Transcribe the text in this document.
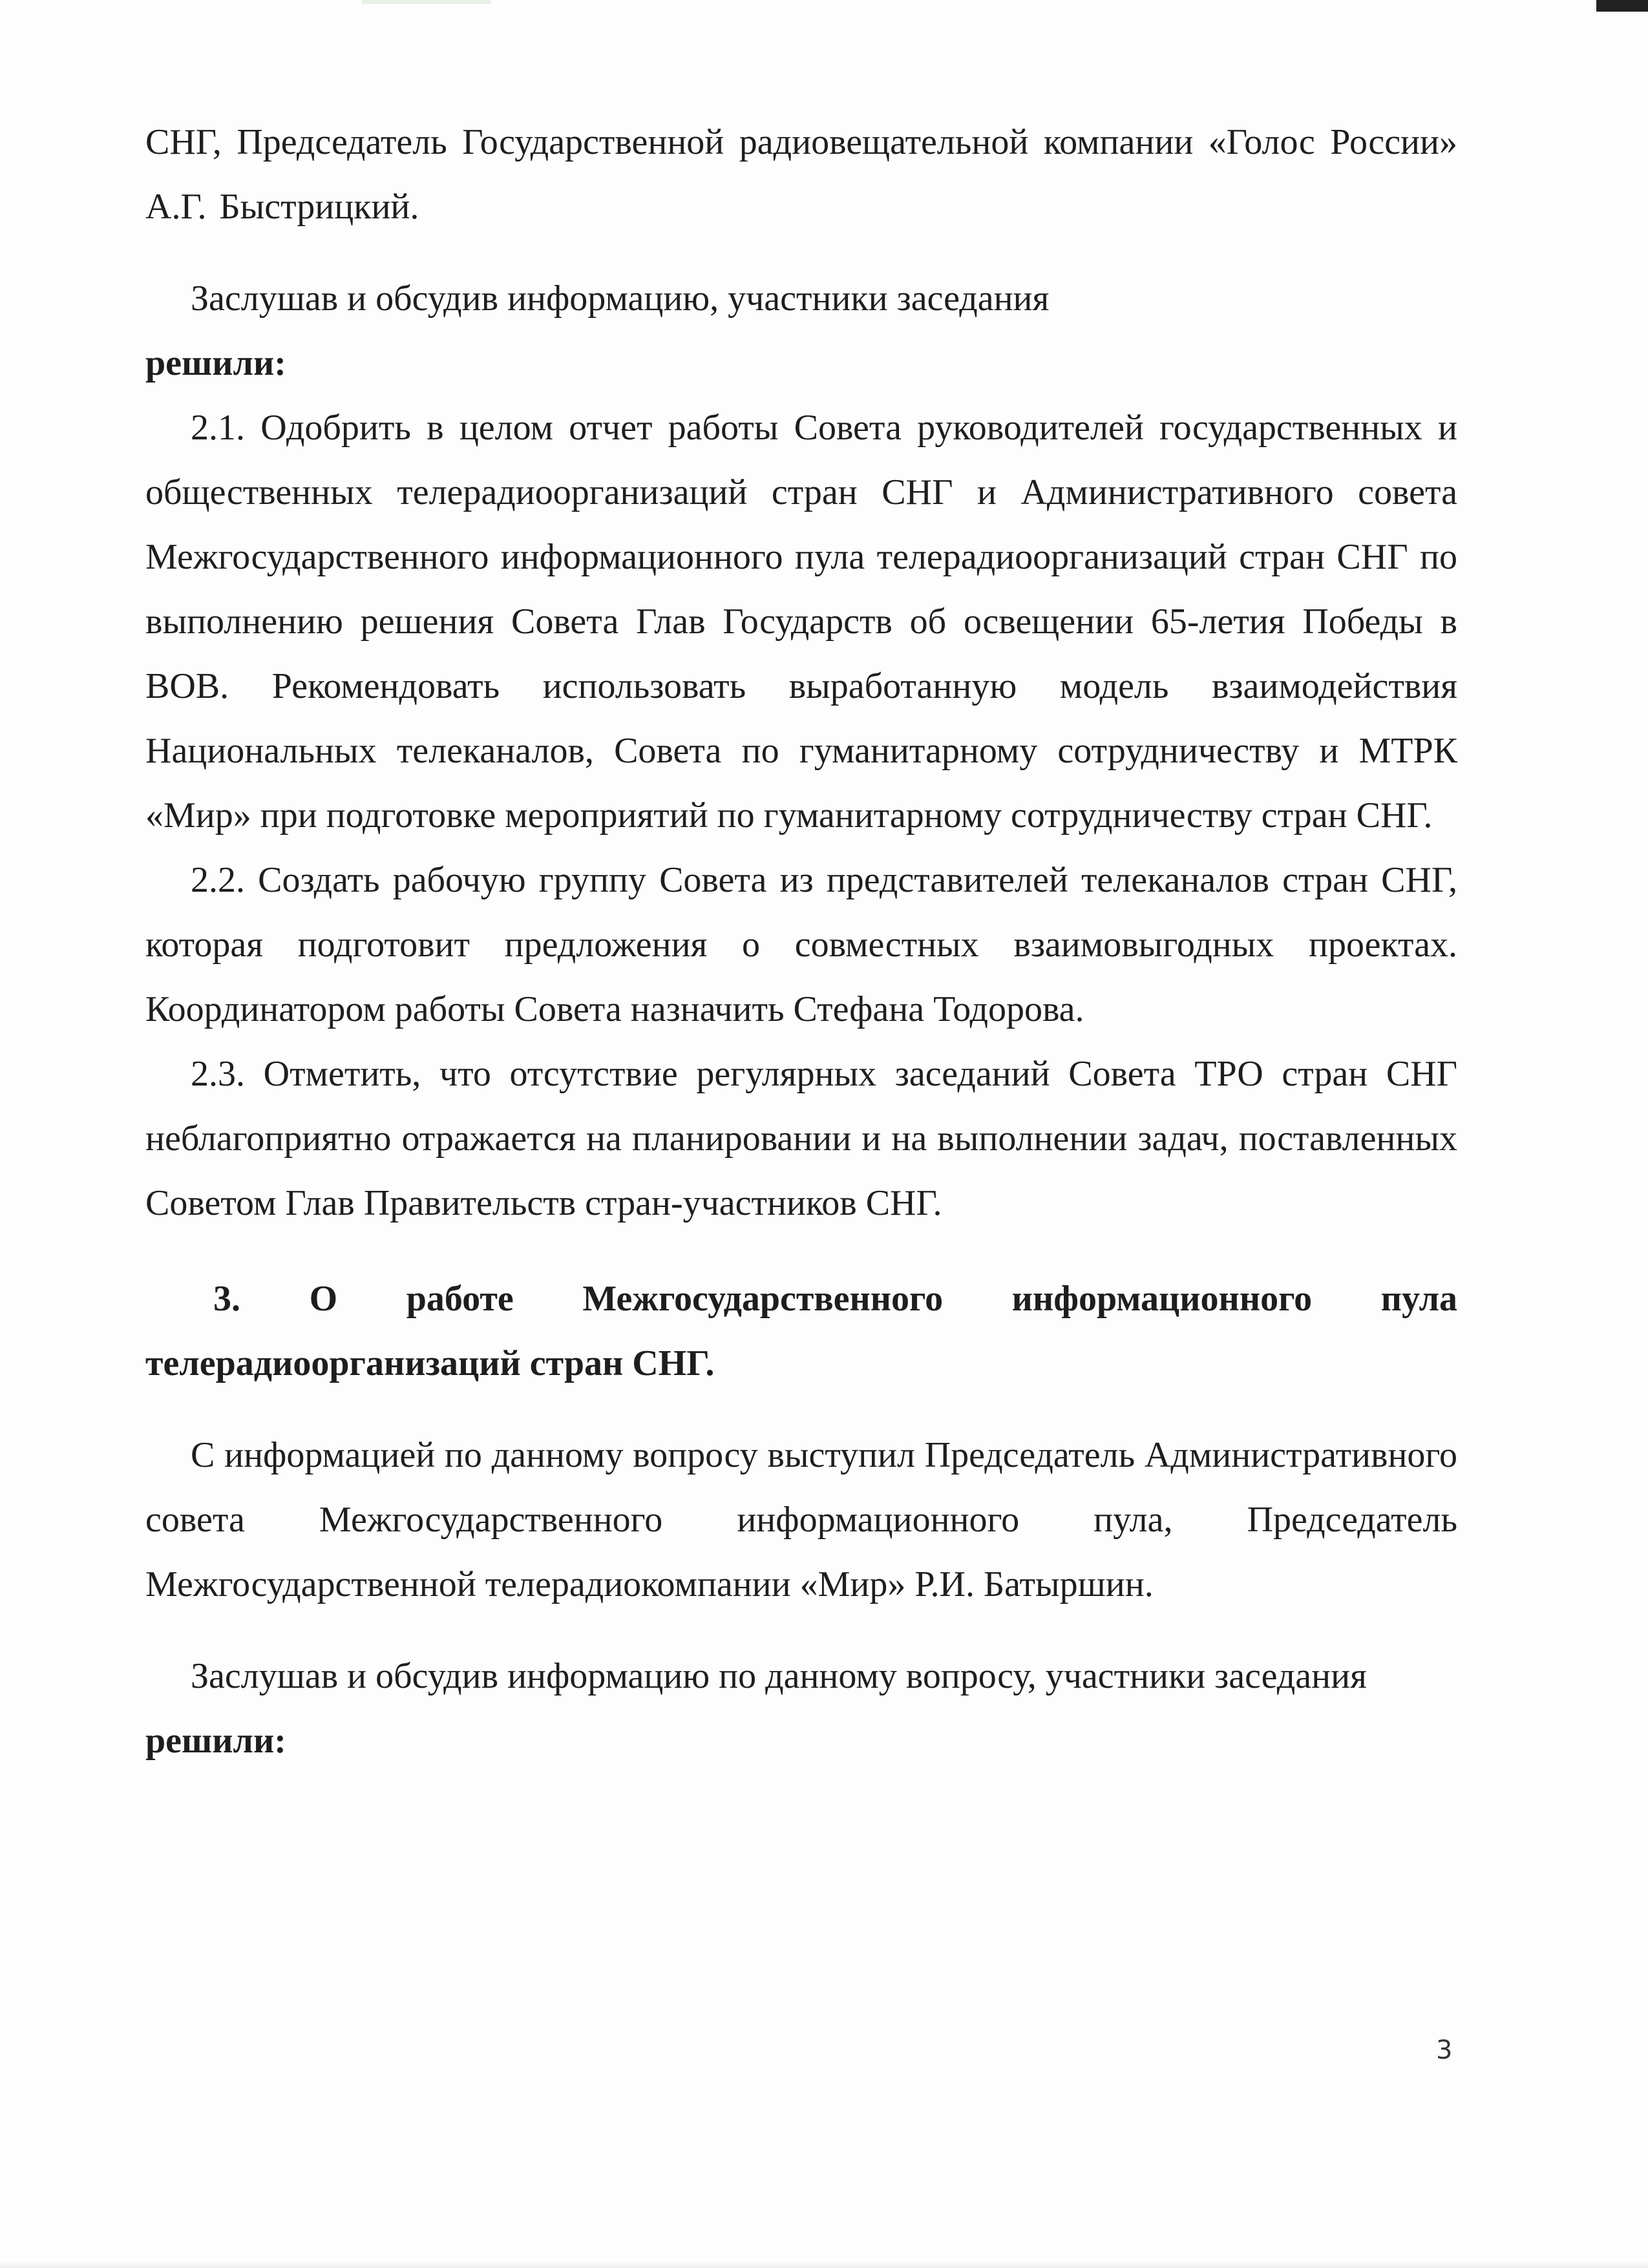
СНГ, Председатель Государственной радиовещательной компании «Голос России» А.Г. Быстрицкий.

Заслушав и обсудив информацию, участники заседания

решили:

2.1. Одобрить в целом отчет работы Совета руководителей государственных и общественных телерадиоорганизаций стран СНГ и Административного совета Межгосударственного информационного пула телерадиоорганизаций стран СНГ по выполнению решения Совета Глав Государств об освещении 65-летия Победы в ВОВ. Рекомендовать использовать выработанную модель взаимодействия Национальных телеканалов, Совета по гуманитарному сотрудничеству и МТРК «Мир» при подготовке мероприятий по гуманитарному сотрудничеству стран СНГ.

2.2. Создать рабочую группу Совета из представителей телеканалов стран СНГ, которая подготовит предложения о совместных взаимовыгодных проектах. Координатором работы Совета назначить Стефана Тодорова.

2.3. Отметить, что отсутствие регулярных заседаний Совета ТРО стран СНГ неблагоприятно отражается на планировании и на выполнении задач, поставленных Советом Глав Правительств стран-участников СНГ.

3. О работе Межгосударственного информационного пула телерадиоорганизаций стран СНГ.

С информацией по данному вопросу выступил Председатель Административного совета Межгосударственного информационного пула, Председатель Межгосударственной телерадиокомпании «Мир» Р.И. Батыршин.

Заслушав и обсудив информацию по данному вопросу, участники заседания

решили:

3
